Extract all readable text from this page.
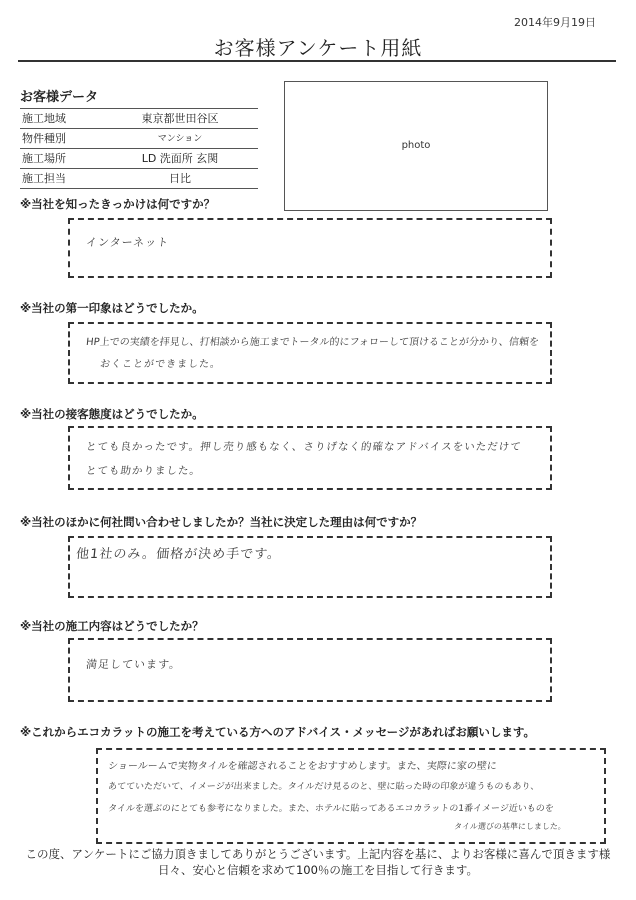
2014年9月19日
お客様アンケート用紙
お客様データ
施工地域	東京都世田谷区
物件種別	マンション
施工場所	LD 洗面所 玄関
施工担当	日比
photo
※当社を知ったきっかけは何ですか？
インターネット
※当社の第一印象はどうでしたか。
HP上での実績を拝見し、打相談から施工までトータル的にフォローして頂けることが分かり、信頼を
おくことができました。
※当社の接客態度はどうでしたか。
とても良かったです。押し売り感もなく、さりげなく的確なアドバイスをいただけて
とても助かりました。
※当社のほかに何社問い合わせしましたか？当社に決定した理由は何ですか？
他1社のみ。価格が決め手です。
※当社の施工内容はどうでしたか？
満足しています。
※これからエコカラットの施工を考えている方へのアドバイス・メッセージがあればお願いします。
ショールームで実物タイルを確認されることをおすすめします。また、実際に家の壁に
あてていただいて、イメージが出来ました。タイルだけ見るのと、壁に貼った時の印象が違うものもあり、
タイルを選ぶのにとても参考になりました。また、ホテルに貼ってあるエコカラットの1番イメージ近いものを
タイル選びの基準にしました。
この度、アンケートにご協力頂きましてありがとうございます。上記内容を基に、よりお客様に喜んで頂きます様
日々、安心と信頼を求めて100％の施工を目指して行きます。
